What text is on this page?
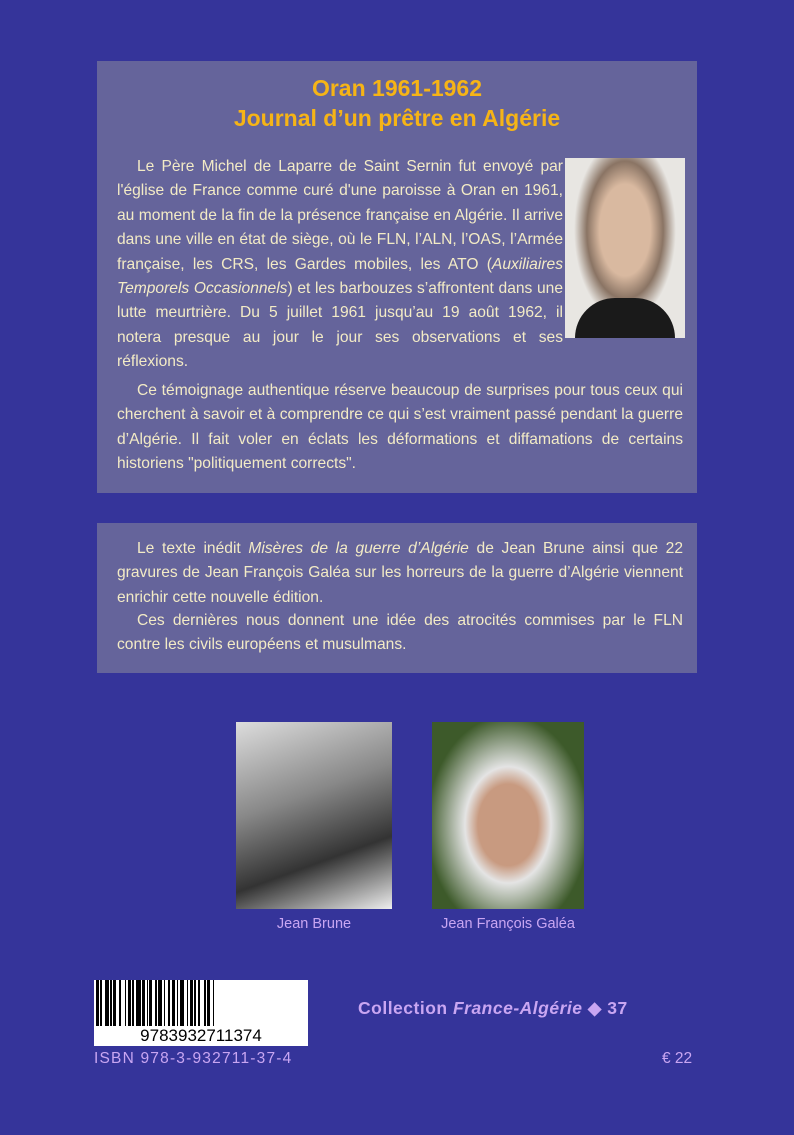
Oran 1961-1962
Journal d’un prêtre en Algérie

Le Père Michel de Laparre de Saint Sernin fut envoyé par l'église de France comme curé d'une paroisse à Oran en 1961, au moment de la fin de la présence française en Algérie. Il arrive dans une ville en état de siège, où le FLN, l’ALN, l’OAS, l’Armée française, les CRS, les Gardes mobiles, les ATO (Auxiliaires Temporels Occasionnels) et les barbouzes s’affrontent dans une lutte meurtrière. Du 5 juillet 1961 jusqu’au 19 août 1962, il notera presque au jour le jour ses observations et ses réflexions.

Ce témoignage authentique réserve beaucoup de surprises pour tous ceux qui cherchent à savoir et à comprendre ce qui s’est vraiment passé pendant la guerre d’Algérie. Il fait voler en éclats les déformations et diffamations de certains historiens "politiquement corrects".

Le texte inédit Misères de la guerre d’Algérie de Jean Brune ainsi que 22 gravures de Jean François Galéa sur les horreurs de la guerre d’Algérie viennent enrichir cette nouvelle édition.

Ces dernières nous donnent une idée des atrocités commises par le FLN contre les civils européens et musulmans.

Jean Brune	Jean François Galéa
9783932711374
ISBN 978-3-932711-37-4
Collection France-Algérie ◆ 37
€ 22
